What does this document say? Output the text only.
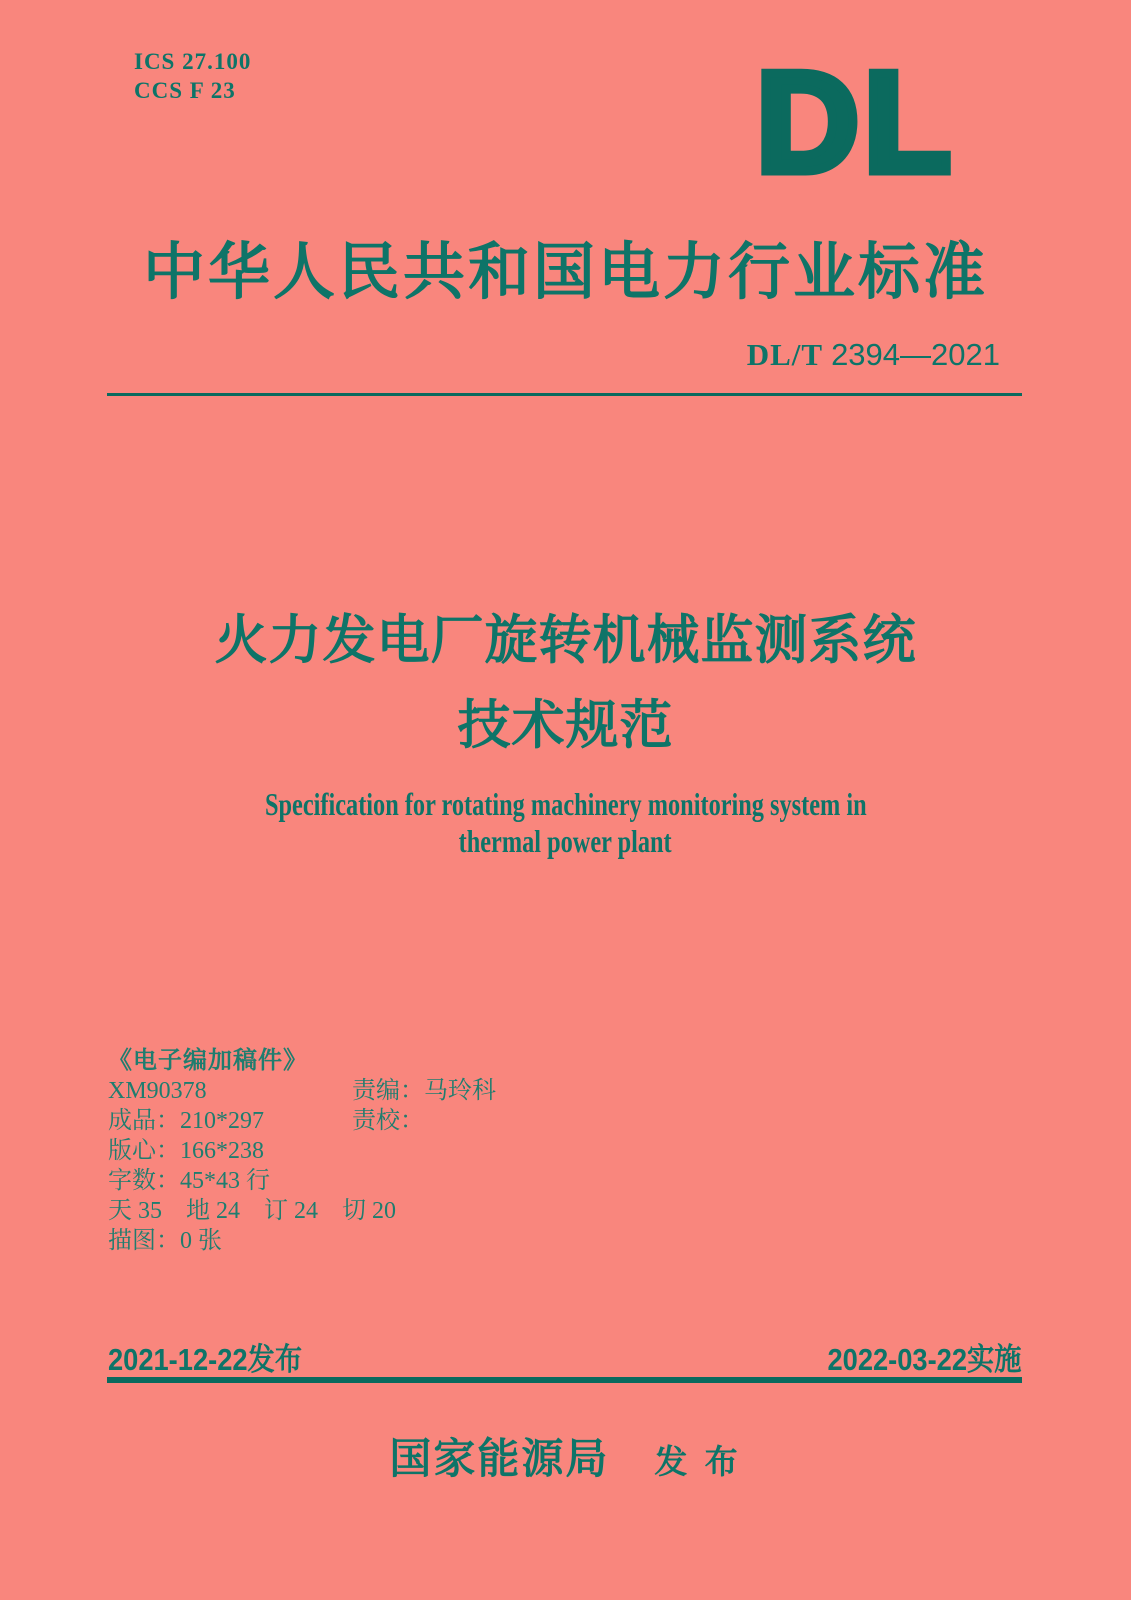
ICS 27.100
CCS F 23	DL
中华人民共和国电力行业标准
DL/T 2394—2021
火力发电厂旋转机械监测系统
技术规范
Specification for rotating machinery monitoring system in
thermal power plant
《电子编加稿件》
XM90378	责编：马玲科
成品：210*297	责校：
版心：166*238
字数：45*43 行
天 35　地 24　订 24　切 20
描图：0 张
2021-12-22发布	2022-03-22实施
国家能源局 发 布
